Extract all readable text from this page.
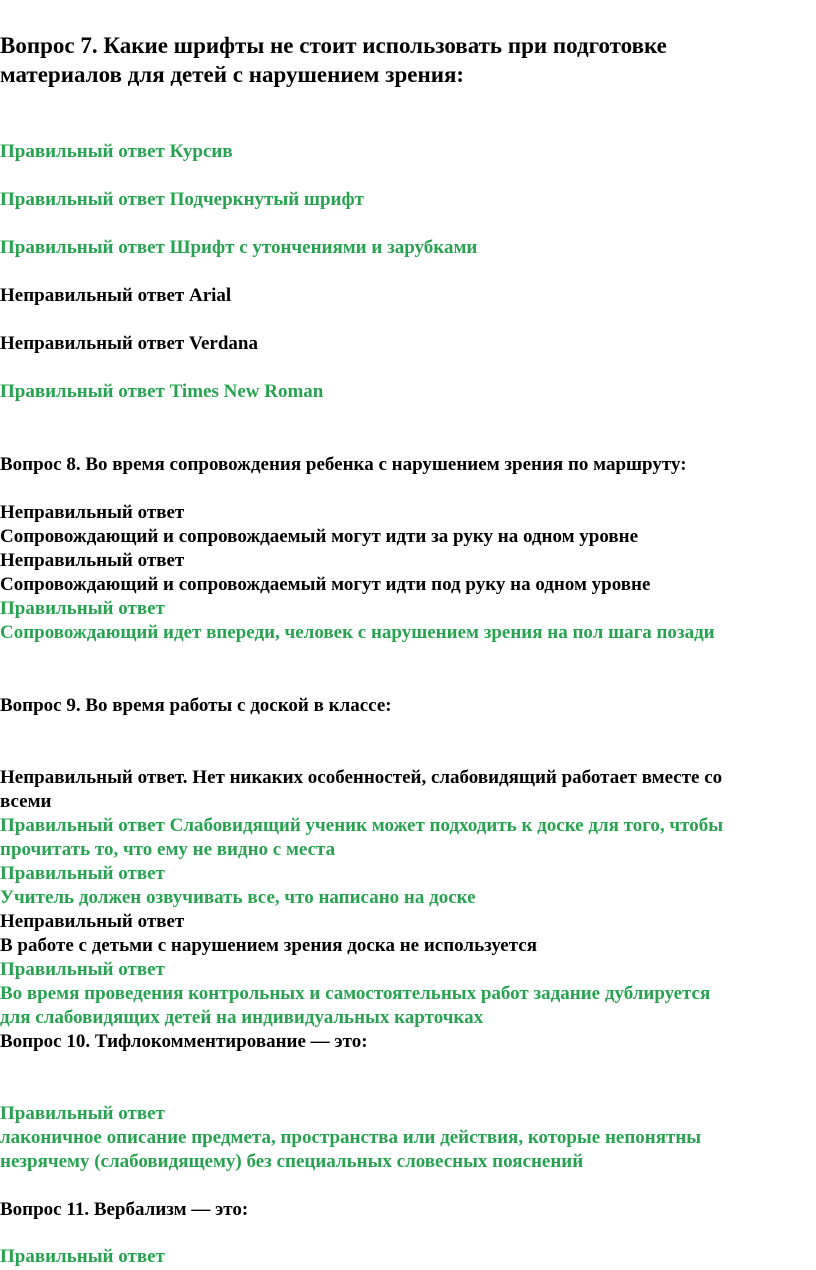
Вопрос 7. Какие шрифты не стоит использовать при подготовке

материалов для детей с нарушением зрения:

Правильный ответ Курсив

Правильный ответ Подчеркнутый шрифт

Правильный ответ Шрифт с утончениями и зарубками

Неправильный ответ Arial

Неправильный ответ Verdana

Правильный ответ Times New Roman

Вопрос 8. Во время сопровождения ребенка с нарушением зрения по маршруту:

Неправильный ответ

Сопровождающий и сопровождаемый могут идти за руку на одном уровне

Неправильный ответ

Сопровождающий и сопровождаемый могут идти под руку на одном уровне

Правильный ответ

Сопровождающий идет впереди, человек с нарушением зрения на пол шага позади

Вопрос 9. Во время работы с доской в классе:

Неправильный ответ. Нет никаких особенностей, слабовидящий работает вместе со

всеми

Правильный ответ Слабовидящий ученик может подходить к доске для того, чтобы

прочитать то, что ему не видно с места

Правильный ответ

Учитель должен озвучивать все, что написано на доске

Неправильный ответ

В работе с детьми с нарушением зрения доска не используется

Правильный ответ

Во время проведения контрольных и самостоятельных работ задание дублируется

для слабовидящих детей на индивидуальных карточках

Вопрос 10. Тифлокомментирование — это:

Правильный ответ

лаконичное описание предмета, пространства или действия, которые непонятны

незрячему (слабовидящему) без специальных словесных пояснений

Вопрос 11. Вербализм — это:

Правильный ответ
